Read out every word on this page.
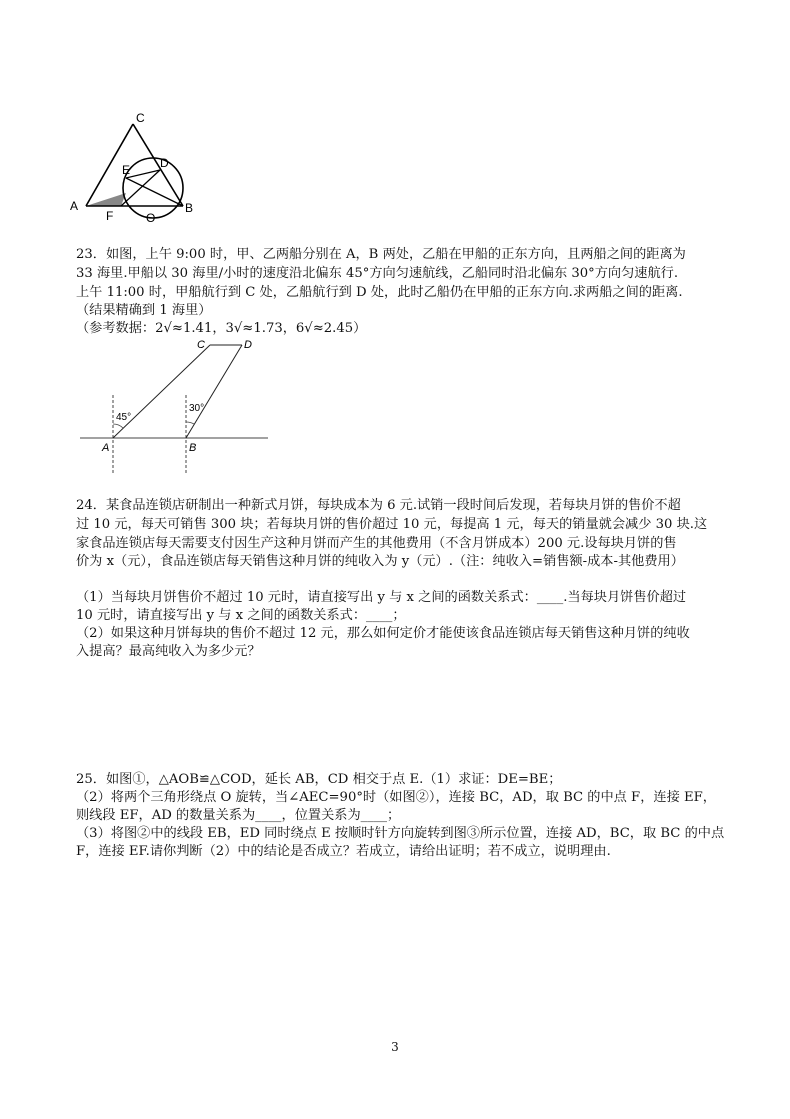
C
D
E
A
F	O
B
23．如图，上午 9:00 时，甲、乙两船分别在 A，B 两处，乙船在甲船的正东方向，且两船之间的距离为
33 海里.甲船以 30 海里/小时的速度沿北偏东 45°方向匀速航线，乙船同时沿北偏东 30°方向匀速航行.
上午 11:00 时，甲船航行到 C 处，乙船航行到 D 处，此时乙船仍在甲船的正东方向.求两船之间的距离.
（结果精确到 1 海里）
（参考数据：2√≈1.41，3√≈1.73，6√≈2.45）
C	D
45°
30°
A	B
24．某食品连锁店研制出一种新式月饼，每块成本为 6 元.试销一段时间后发现，若每块月饼的售价不超
过 10 元，每天可销售 300 块；若每块月饼的售价超过 10 元，每提高 1 元，每天的销量就会减少 30 块.这
家食品连锁店每天需要支付因生产这种月饼而产生的其他费用（不含月饼成本）200 元.设每块月饼的售
价为 x（元），食品连锁店每天销售这种月饼的纯收入为 y（元）.（注：纯收入=销售额-成本-其他费用）
（1）当每块月饼售价不超过 10 元时，请直接写出 y 与 x 之间的函数关系式：____.当每块月饼售价超过
10 元时，请直接写出 y 与 x 之间的函数关系式：____；
（2）如果这种月饼每块的售价不超过 12 元，那么如何定价才能使该食品连锁店每天销售这种月饼的纯收
入提高？最高纯收入为多少元？
25．如图①，△AOB≌△COD，延长 AB，CD 相交于点 E.（1）求证：DE=BE；
（2）将两个三角形绕点 O 旋转，当∠AEC=90°时（如图②），连接 BC，AD，取 BC 的中点 F，连接 EF，
则线段 EF，AD 的数量关系为____，位置关系为____；
（3）将图②中的线段 EB，ED 同时绕点 E 按顺时针方向旋转到图③所示位置，连接 AD，BC，取 BC 的中点
F，连接 EF.请你判断（2）中的结论是否成立？若成立，请给出证明；若不成立，说明理由.
3
